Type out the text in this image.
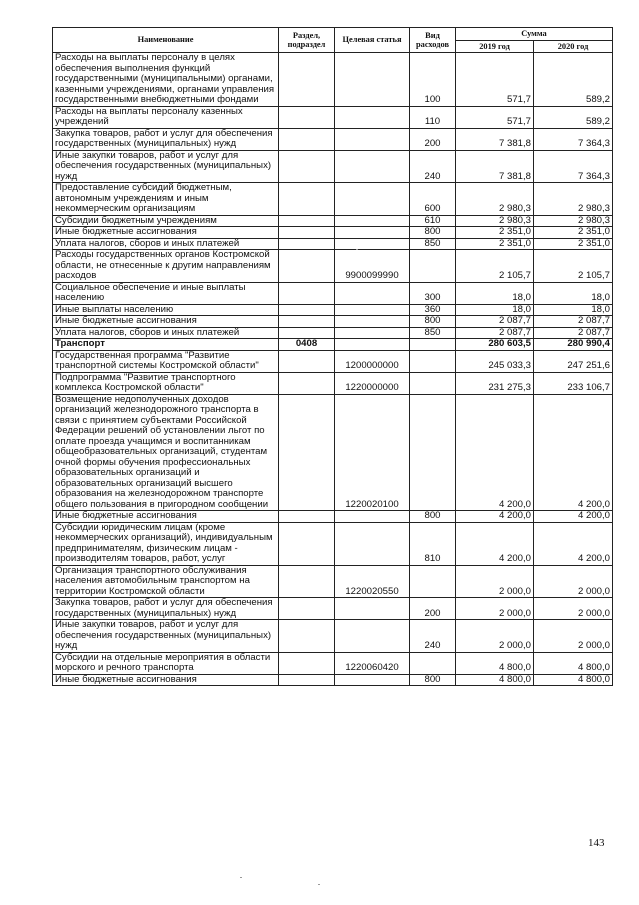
Наименование	Раздел, подраздел	Целевая статья	Вид расходов	Сумма	
				2019 год	2020 год
Расходы на выплаты персоналу в целях обеспечения выполнения функций государственными (муниципальными) органами, казенными учреждениями, органами управления государственными внебюджетными фондами			100	571,7	589,2
Расходы на выплаты персоналу казенных учреждений			110	571,7	589,2
Закупка товаров, работ и услуг для обеспечения государственных (муниципальных) нужд			200	7 381,8	7 364,3
Иные закупки товаров, работ и услуг для обеспечения государственных (муниципальных) нужд			240	7 381,8	7 364,3
Предоставление субсидий бюджетным, автономным учреждениям и иным некоммерческим организациям			600	2 980,3	2 980,3
Субсидии бюджетным учреждениям			610	2 980,3	2 980,3
Иные бюджетные ассигнования			800	2 351,0	2 351,0
Уплата налогов, сборов и иных платежей			850	2 351,0	2 351,0
Расходы государственных органов Костромской области, не отнесенные к другим направлениям расходов		9900099990		2 105,7	2 105,7
Социальное обеспечение и иные выплаты населению			300	18,0	18,0
Иные выплаты населению			360	18,0	18,0
Иные бюджетные ассигнования			800	2 087,7	2 087,7
Уплата налогов, сборов и иных платежей			850	2 087,7	2 087,7
Транспорт	0408			280 603,5	280 990,4
Государственная программа "Развитие транспортной системы Костромской области"		1200000000		245 033,3	247 251,6
Подпрограмма "Развитие транспортного комплекса Костромской области"		1220000000		231 275,3	233 106,7
Возмещение недополученных доходов организаций железнодорожного транспорта в связи с принятием субъектами Российской Федерации решений об установлении льгот по оплате проезда учащимся и воспитанникам общеобразовательных организаций, студентам очной формы обучения профессиональных образовательных организаций и образовательных организаций высшего образования на железнодорожном транспорте общего пользования в пригородном сообщении		1220020100		4 200,0	4 200,0
Иные бюджетные ассигнования			800	4 200,0	4 200,0
Субсидии юридическим лицам (кроме некоммерческих организаций), индивидуальным предпринимателям, физическим лицам - производителям товаров, работ, услуг			810	4 200,0	4 200,0
Организация транспортного обслуживания населения автомобильным транспортом на территории Костромской области		1220020550		2 000,0	2 000,0
Закупка товаров, работ и услуг для обеспечения государственных (муниципальных) нужд			200	2 000,0	2 000,0
Иные закупки товаров, работ и услуг для обеспечения государственных (муниципальных) нужд			240	2 000,0	2 000,0
Субсидии на отдельные мероприятия в области морского и речного транспорта		1220060420		4 800,0	4 800,0
Иные бюджетные ассигнования			800	4 800,0	4 800,0
143
